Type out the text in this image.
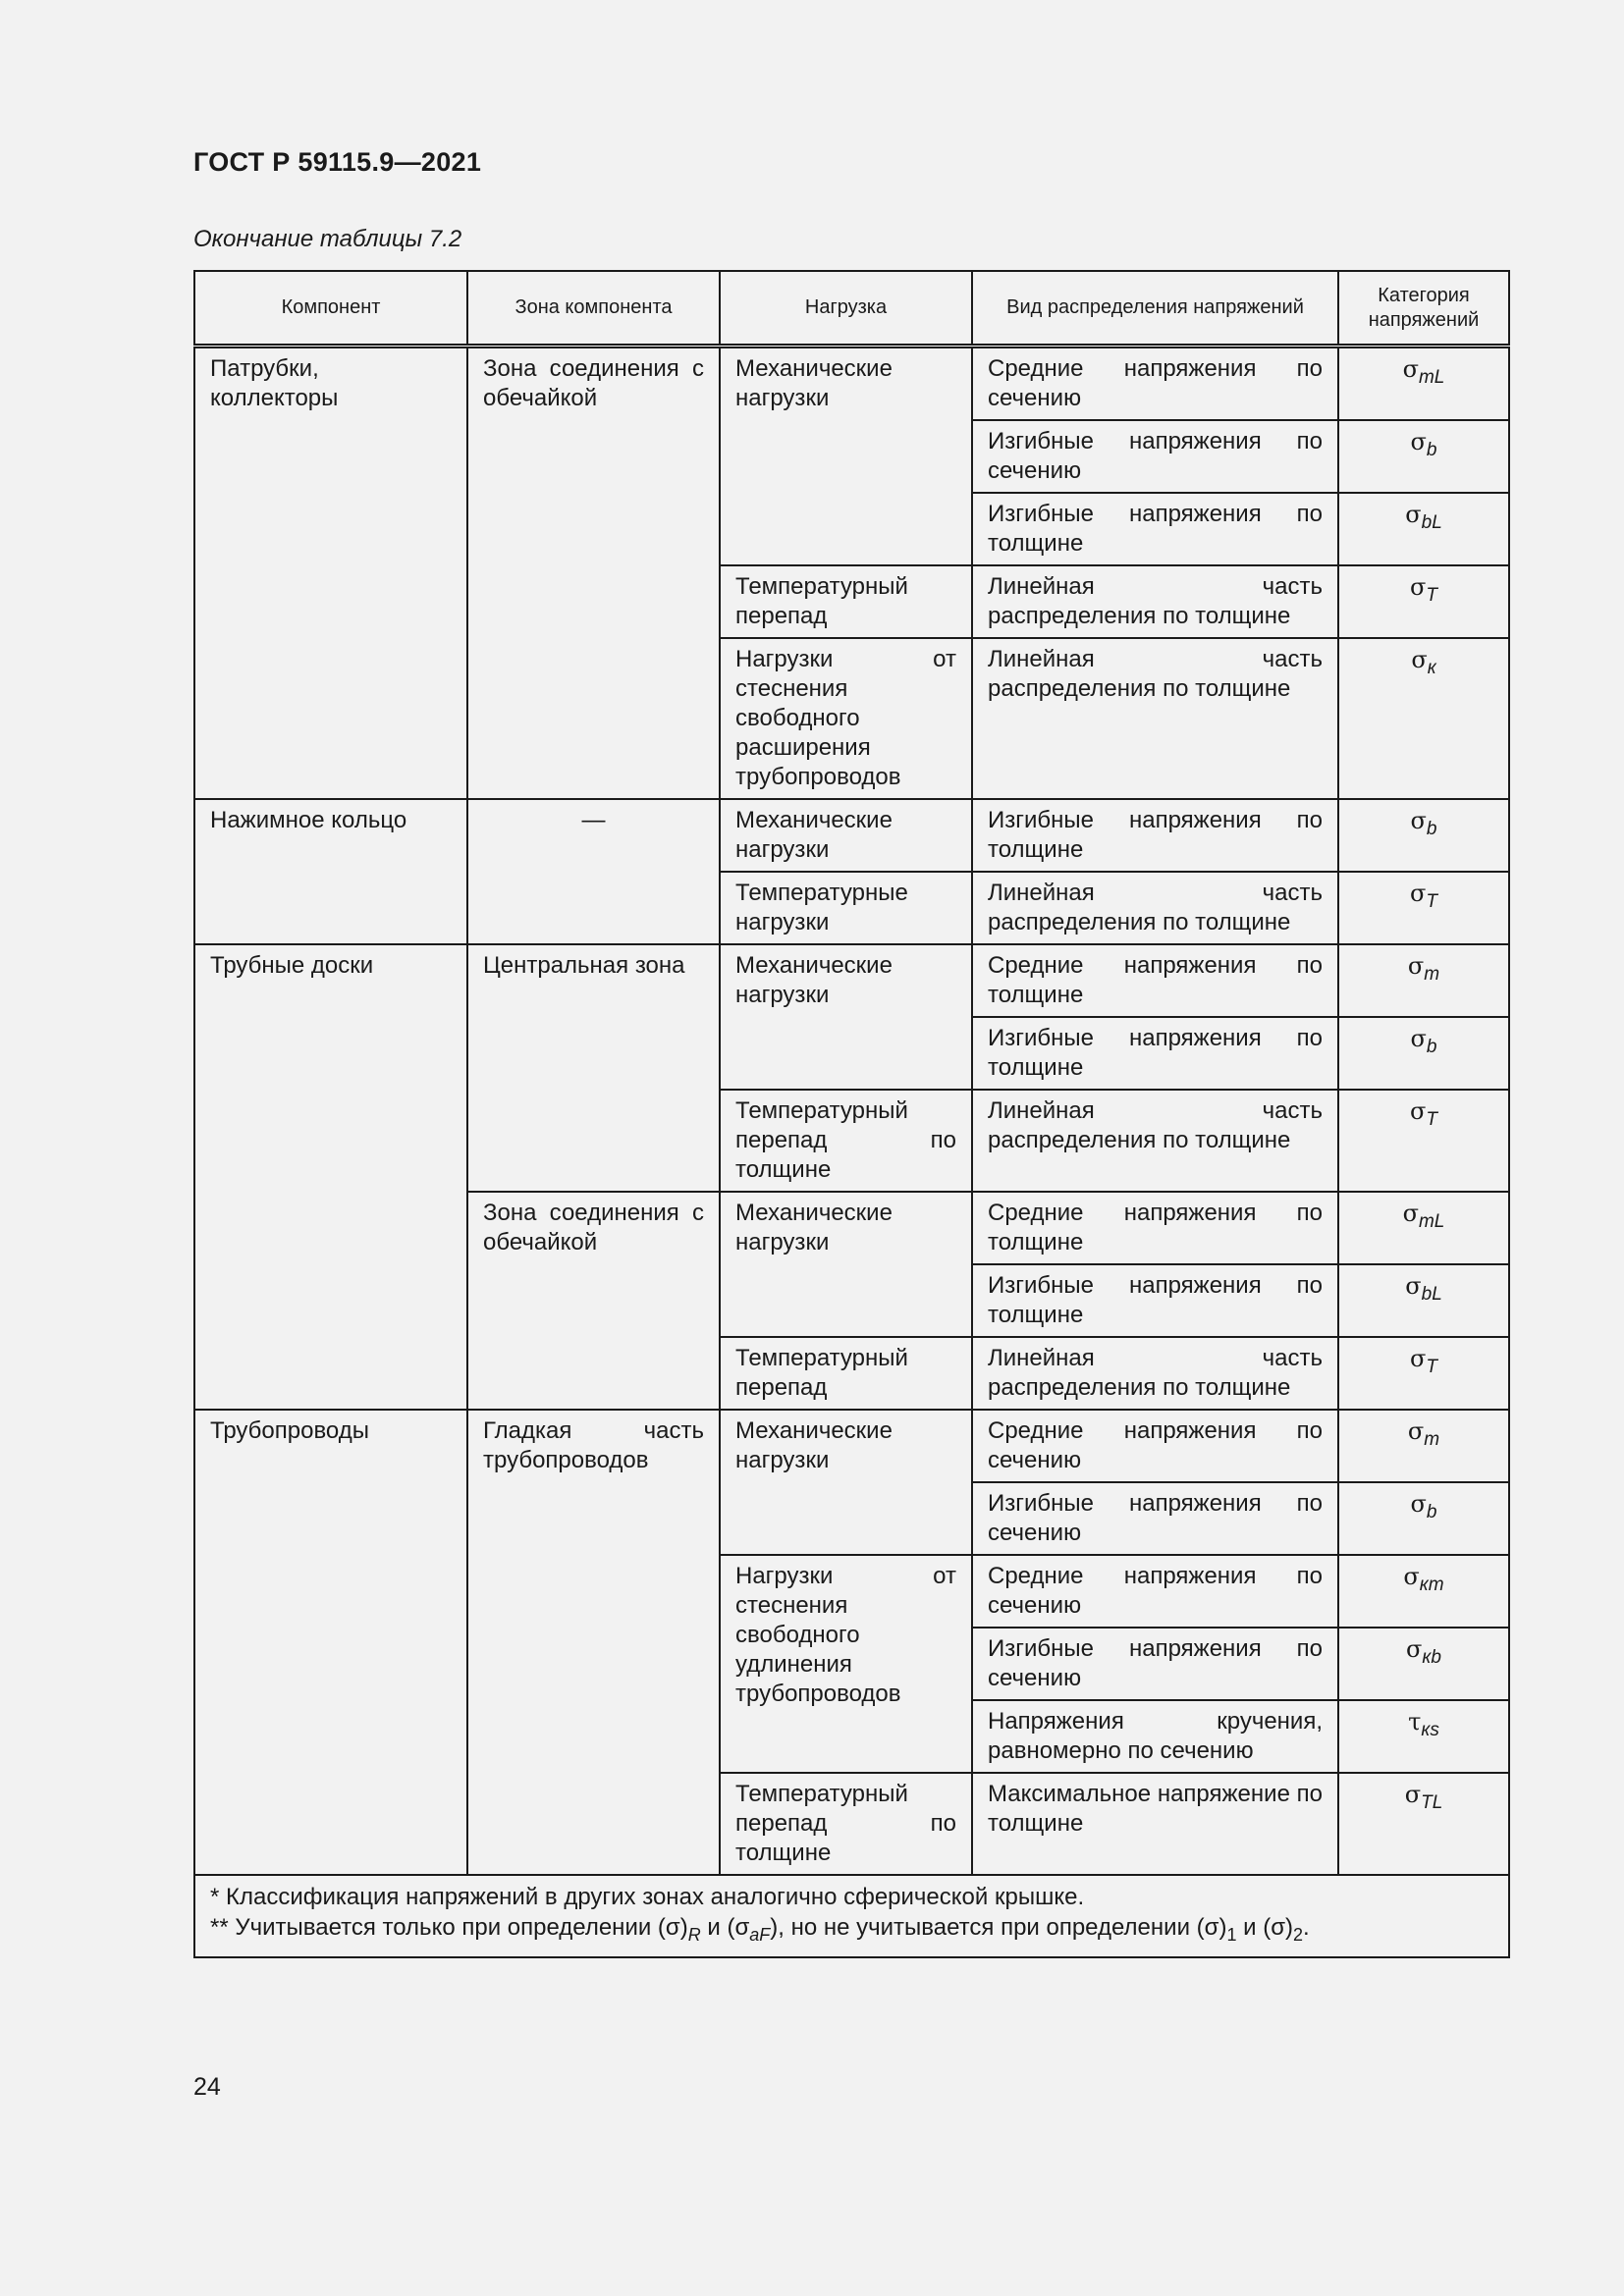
ГОСТ Р 59115.9—2021
Окончание таблицы 7.2
Компонент	Зона компонента	Нагрузка	Вид распределения напряжений	Категория напряжений
Патрубки, коллекторы	Зона соединения с обечайкой	Механические нагрузки	Средние напряжения по сечению	$\sigma_{mL}$
			Изгибные напряжения по сечению	$\sigma_b$
			Изгибные напряжения по толщине	$\sigma_{bL}$
		Температурный перепад	Линейная часть распределения по толщине	$\sigma_T$
		Нагрузки от стеснения свободного расширения трубопроводов	Линейная часть распределения по толщине	$\sigma_к$
Нажимное кольцо	—	Механические нагрузки	Изгибные напряжения по толщине	$\sigma_b$
		Температурные нагрузки	Линейная часть распределения по толщине	$\sigma_T$
Трубные доски	Центральная зона	Механические нагрузки	Средние напряжения по толщине	$\sigma_m$
			Изгибные напряжения по толщине	$\sigma_b$
		Температурный перепад по толщине	Линейная часть распределения по толщине	$\sigma_T$
	Зона соединения с обечайкой	Механические нагрузки	Средние напряжения по толщине	$\sigma_{mL}$
			Изгибные напряжения по толщине	$\sigma_{bL}$
		Температурный перепад	Линейная часть распределения по толщине	$\sigma_T$
Трубопроводы	Гладкая часть трубопроводов	Механические нагрузки	Средние напряжения по сечению	$\sigma_m$
			Изгибные напряжения по сечению	$\sigma_b$
		Нагрузки от стеснения свободного удлинения трубопроводов	Средние напряжения по сечению	$\sigma_{кm}$
			Изгибные напряжения по сечению	$\sigma_{кb}$
			Напряжения кручения, равномерно по сечению	$\tau_{кs}$
		Температурный перепад по толщине	Максимальное напряжение по толщине	$\sigma_{TL}$

* Классификация напряжений в других зонах аналогично сферической крышке.
** Учитывается только при определении $(\sigma)_R$ и $(\sigma_{aF})$, но не учитывается при определении $(\sigma)_1$ и $(\sigma)_2$.				
24
